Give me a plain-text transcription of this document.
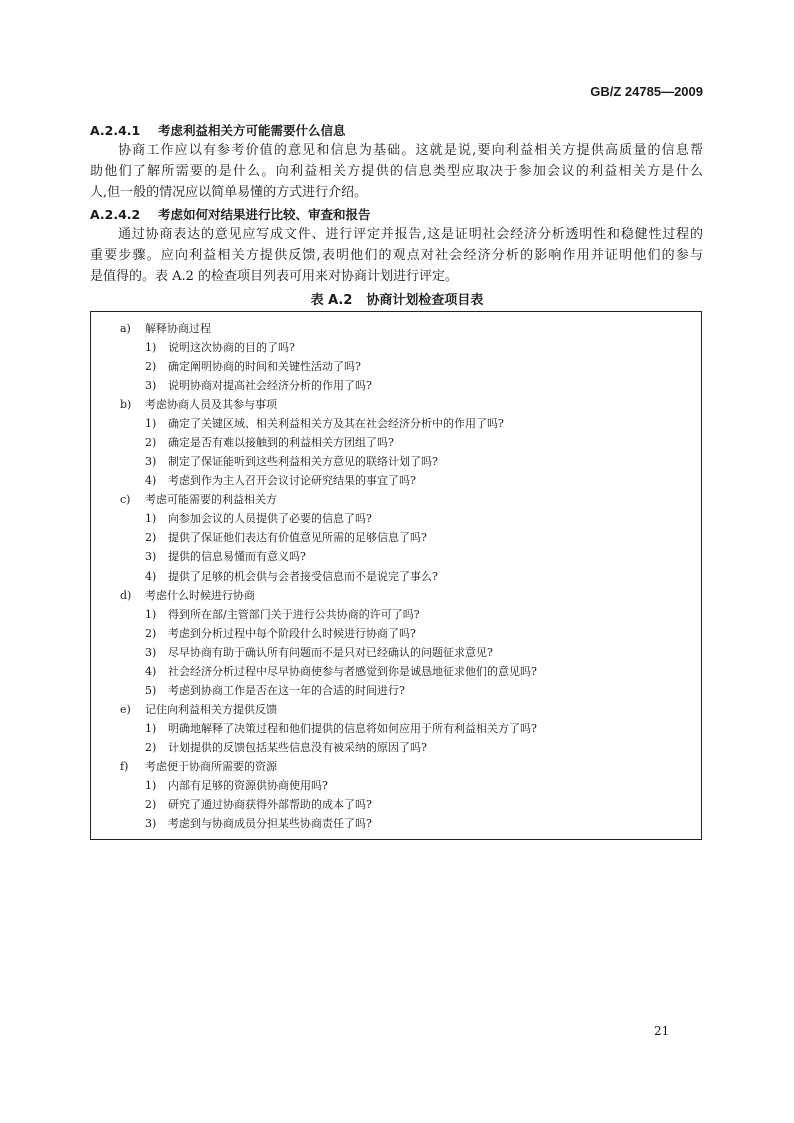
GB/Z 24785—2009
A.2.4.1 考虑利益相关方可能需要什么信息
协商工作应以有参考价值的意见和信息为基础。这就是说,要向利益相关方提供高质量的信息帮
助他们了解所需要的是什么。向利益相关方提供的信息类型应取决于参加会议的利益相关方是什么
人,但一般的情况应以简单易懂的方式进行介绍。
A.2.4.2 考虑如何对结果进行比较、审查和报告
通过协商表达的意见应写成文件、进行评定并报告,这是证明社会经济分析透明性和稳健性过程的
重要步骤。应向利益相关方提供反馈,表明他们的观点对社会经济分析的影响作用并证明他们的参与
是值得的。表 A.2 的检查项目列表可用来对协商计划进行评定。
表 A.2 协商计划检查项目表
a) 解释协商过程
1) 说明这次协商的目的了吗?
2) 确定阐明协商的时间和关键性活动了吗?
3) 说明协商对提高社会经济分析的作用了吗?
b) 考虑协商人员及其参与事项
1) 确定了关键区域、相关利益相关方及其在社会经济分析中的作用了吗?
2) 确定是否有难以接触到的利益相关方团组了吗?
3) 制定了保证能听到这些利益相关方意见的联络计划了吗?
4) 考虑到作为主人召开会议讨论研究结果的事宜了吗?
c) 考虑可能需要的利益相关方
1) 向参加会议的人员提供了必要的信息了吗?
2) 提供了保证他们表达有价值意见所需的足够信息了吗?
3) 提供的信息易懂而有意义吗?
4) 提供了足够的机会供与会者接受信息而不是说完了事么?
d) 考虑什么时候进行协商
1) 得到所在部/主管部门关于进行公共协商的许可了吗?
2) 考虑到分析过程中每个阶段什么时候进行协商了吗?
3) 尽早协商有助于确认所有问题而不是只对已经确认的问题征求意见?
4) 社会经济分析过程中尽早协商使参与者感觉到你是诚恳地征求他们的意见吗?
5) 考虑到协商工作是否在这一年的合适的时间进行?
e) 记住向利益相关方提供反馈
1) 明确地解释了决策过程和他们提供的信息将如何应用于所有利益相关方了吗?
2) 计划提供的反馈包括某些信息没有被采纳的原因了吗?
f) 考虑便于协商所需要的资源
1) 内部有足够的资源供协商使用吗?
2) 研究了通过协商获得外部帮助的成本了吗?
3) 考虑到与协商成员分担某些协商责任了吗?
21
